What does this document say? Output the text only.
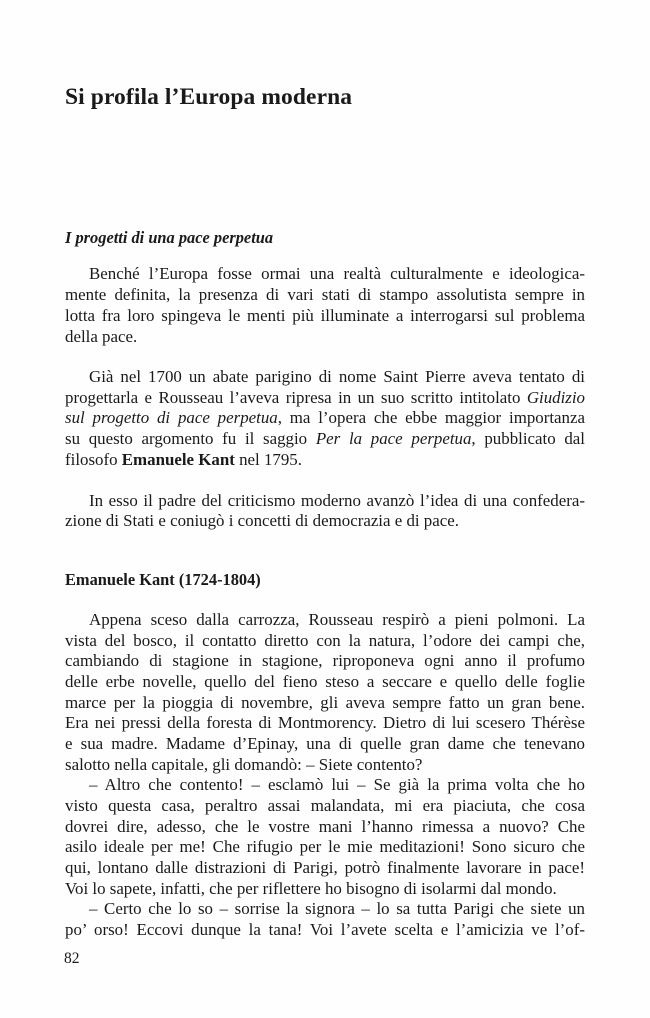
Si profila l’Europa moderna
I progetti di una pace perpetua
Benché l’Europa fosse ormai una realtà culturalmente e ideologica-
mente definita, la presenza di vari stati di stampo assolutista sempre in
lotta fra loro spingeva le menti più illuminate a interrogarsi sul problema
della pace.
Già nel 1700 un abate parigino di nome Saint Pierre aveva tentato di
progettarla e Rousseau l’aveva ripresa in un suo scritto intitolato Giudizio
sul progetto di pace perpetua, ma l’opera che ebbe maggior importanza
su questo argomento fu il saggio Per la pace perpetua, pubblicato dal
filosofo Emanuele Kant nel 1795.
In esso il padre del criticismo moderno avanzò l’idea di una confedera-
zione di Stati e coniugò i concetti di democrazia e di pace.
Emanuele Kant (1724-1804)
Appena sceso dalla carrozza, Rousseau respirò a pieni polmoni. La
vista del bosco, il contatto diretto con la natura, l’odore dei campi che,
cambiando di stagione in stagione, riproponeva ogni anno il profumo
delle erbe novelle, quello del fieno steso a seccare e quello delle foglie
marce per la pioggia di novembre, gli aveva sempre fatto un gran bene.
Era nei pressi della foresta di Montmorency. Dietro di lui scesero Thérèse
e sua madre. Madame d’Epinay, una di quelle gran dame che tenevano
salotto nella capitale, gli domandò: – Siete contento?
– Altro che contento! – esclamò lui – Se già la prima volta che ho
visto questa casa, peraltro assai malandata, mi era piaciuta, che cosa
dovrei dire, adesso, che le vostre mani l’hanno rimessa a nuovo? Che
asilo ideale per me! Che rifugio per le mie meditazioni! Sono sicuro che
qui, lontano dalle distrazioni di Parigi, potrò finalmente lavorare in pace!
Voi lo sapete, infatti, che per riflettere ho bisogno di isolarmi dal mondo.
– Certo che lo so – sorrise la signora – lo sa tutta Parigi che siete un
po’ orso! Eccovi dunque la tana! Voi l’avete scelta e l’amicizia ve l’of-
82
